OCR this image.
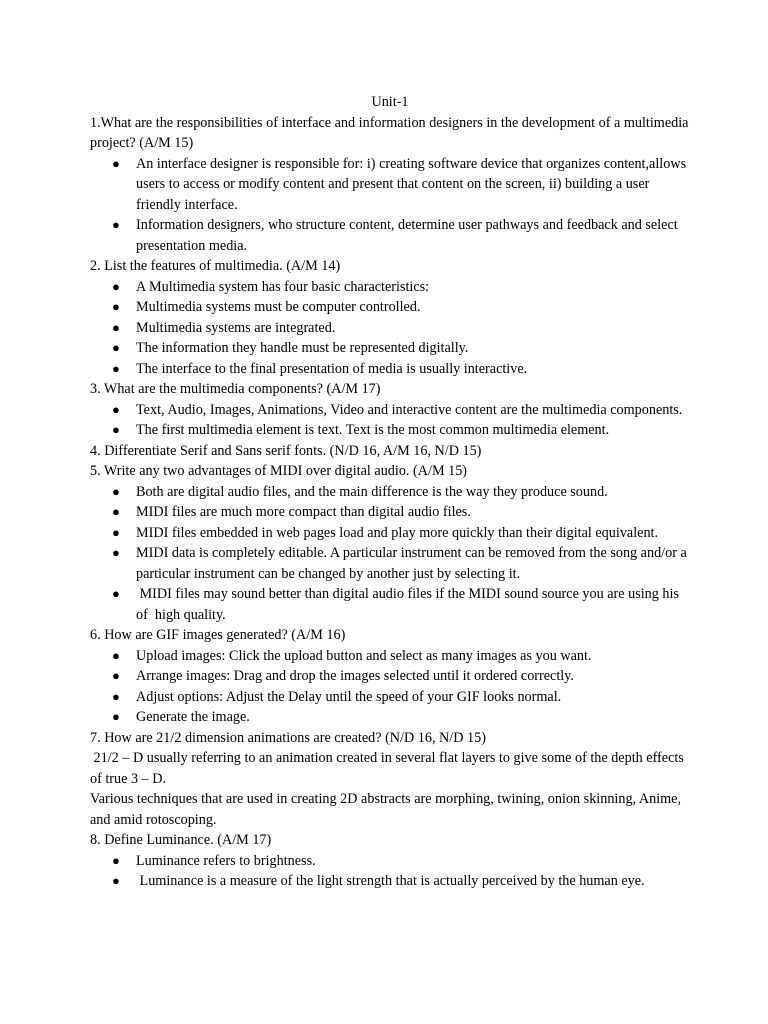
Unit-1

1.What are the responsibilities of interface and information designers in the development of a multimedia project? (A/M 15)

● An interface designer is responsible for: i) creating software device that organizes content,allows users to access or modify content and present that content on the screen, ii) building a user friendly interface.
● Information designers, who structure content, determine user pathways and feedback and select presentation media.

2. List the features of multimedia. (A/M 14)

● A Multimedia system has four basic characteristics:
● Multimedia systems must be computer controlled.
● Multimedia systems are integrated.
● The information they handle must be represented digitally.
● The interface to the final presentation of media is usually interactive.

3. What are the multimedia components? (A/M 17)

● Text, Audio, Images, Animations, Video and interactive content are the multimedia components.
● The first multimedia element is text. Text is the most common multimedia element.

4. Differentiate Serif and Sans serif fonts. (N/D 16, A/M 16, N/D 15)

5. Write any two advantages of MIDI over digital audio. (A/M 15)

● Both are digital audio files, and the main difference is the way they produce sound.
● MIDI files are much more compact than digital audio files.
● MIDI files embedded in web pages load and play more quickly than their digital equivalent.
● MIDI data is completely editable. A particular instrument can be removed from the song and/or a particular instrument can be changed by another just by selecting it.
● MIDI files may sound better than digital audio files if the MIDI sound source you are using his of  high quality.

6. How are GIF images generated? (A/M 16)

● Upload images: Click the upload button and select as many images as you want.
● Arrange images: Drag and drop the images selected until it ordered correctly.
● Adjust options: Adjust the Delay until the speed of your GIF looks normal.
● Generate the image.

7. How are 21/2 dimension animations are created? (N/D 16, N/D 15)

21/2 – D usually referring to an animation created in several flat layers to give some of the depth effects of true 3 – D.

Various techniques that are used in creating 2D abstracts are morphing, twining, onion skinning, Anime, and amid rotoscoping.

8. Define Luminance. (A/M 17)

● Luminance refers to brightness.
● Luminance is a measure of the light strength that is actually perceived by the human eye.
